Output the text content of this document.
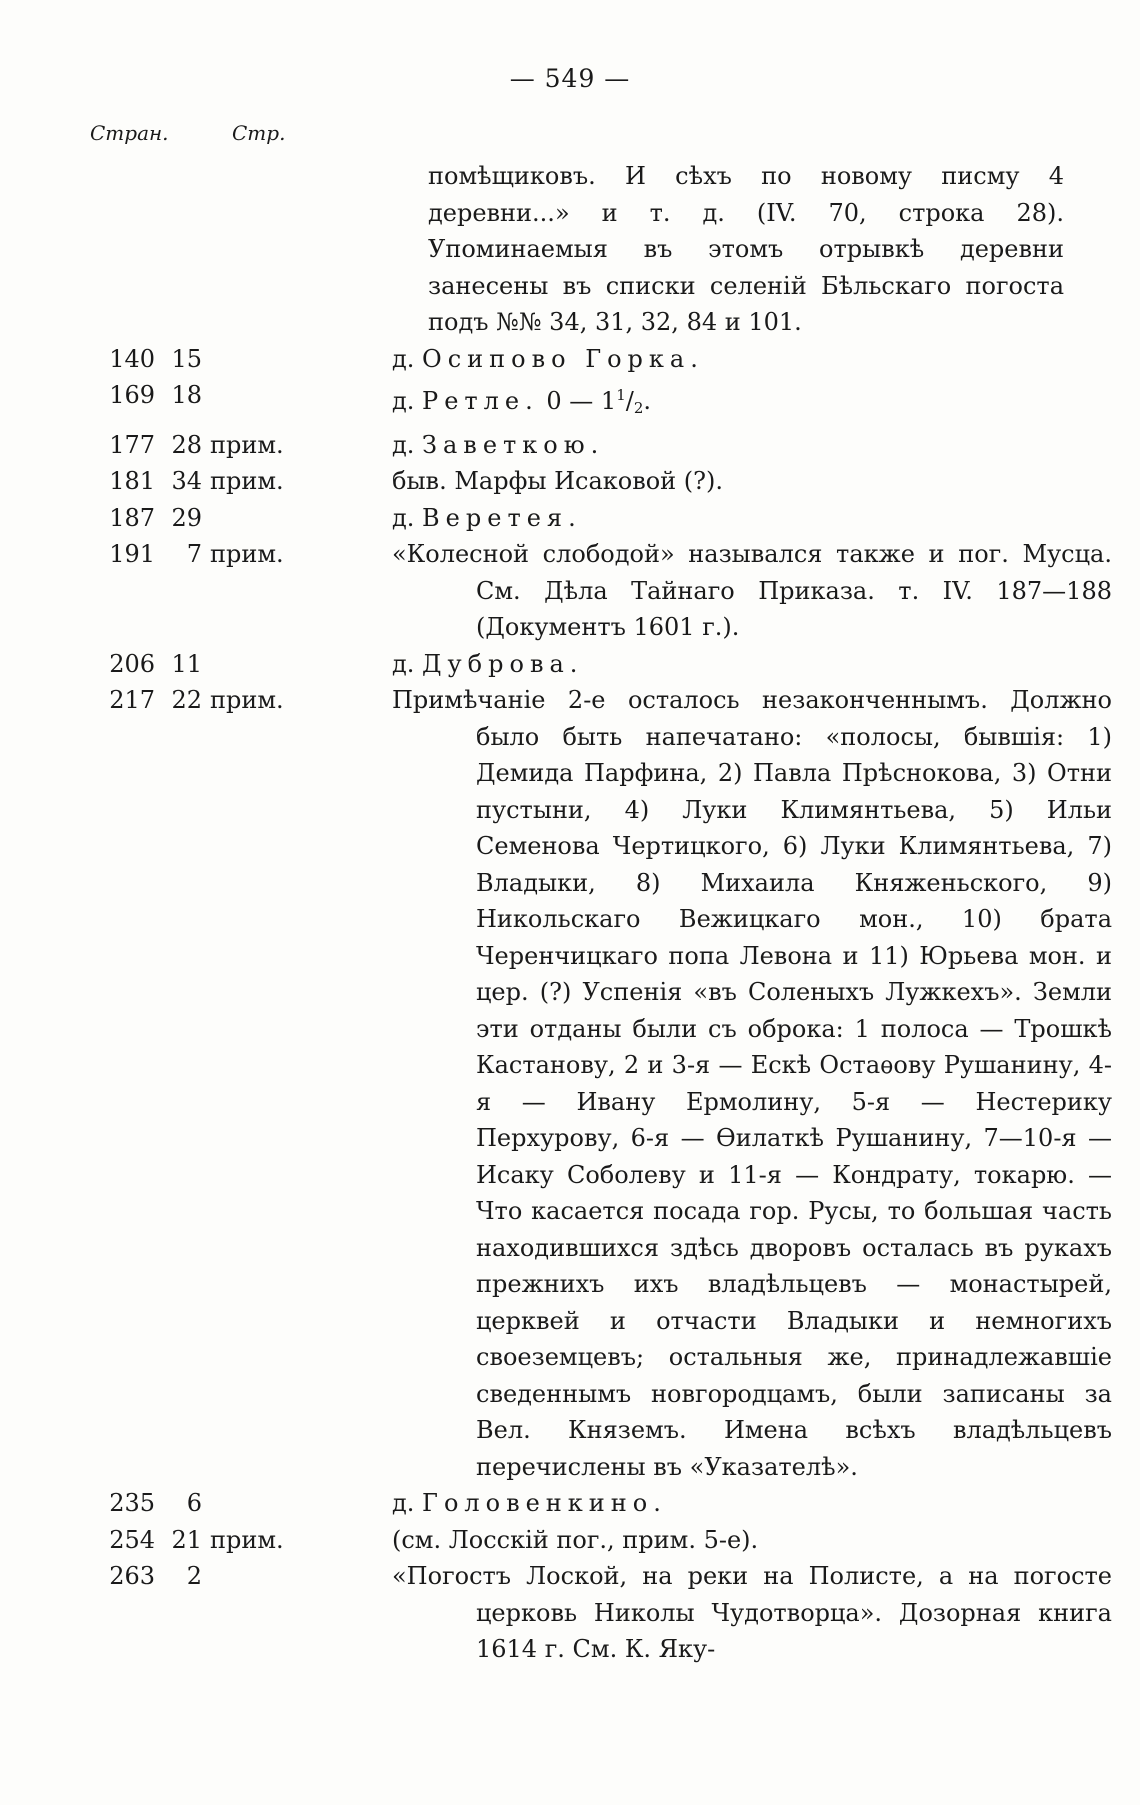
— 549 —
Стран.	Стр.
помѣщиковъ. И сѣхъ по новому писму 4 деревни...» и т. д. (IV. 70, строка 28). Упоминаемыя въ этомъ отрывкѣ деревни занесены въ списки селеній Бѣльскаго погоста подъ №№ 34, 31, 32, 84 и 101.
140 15	д. Осипово Горка.
169 18	д. Ретле. 0 — $1^1/2$.
177 28 прим.	д. Заветкою.
181 34 прим.	быв. Марфы Исаковой (?).
187 29	д. Веретея.
191	7 прим.	«Колесной слободой» назывался также и пог. Мусца. См. Дѣла Тайнаго Приказа. т. IV. 187—188 (Документъ 1601 г.).
206 11	д. Дуброва.
217 22 прим.	Примѣчаніе 2-е осталось незаконченнымъ. Должно было быть напечатано: «полосы, бывшія: 1) Демида Парфина, 2) Павла Прѣснокова, 3) Отни пустыни, 4) Луки Климянтьева, 5) Ильи Семенова Чертицкого, 6) Луки Климянтьева, 7) Владыки, 8) Михаила Княженьского, 9) Никольскаго Вежицкаго мон., 10) брата Черенчицкаго попа Левона и 11) Юрьева мон. и цер. (?) Успенія «въ Соленыхъ Лужкехъ». Земли эти отданы были съ оброка: 1 полоса — Трошкѣ Кастанову, 2 и 3-я — Ескѣ Остаѳову Рушанину, 4-я — Ивану Ермолину, 5-я — Нестерику Перхурову, 6-я — Ѳилаткѣ Рушанину, 7—10-я — Исаку Соболеву и 11-я — Кондрату, токарю. — Что касается посада гор. Русы, то большая часть находившихся здѣсь дворовъ осталась въ рукахъ прежнихъ ихъ владѣльцевъ — монастырей, церквей и отчасти Владыки и немногихъ своеземцевъ; остальныя же, принадлежавшіе сведеннымъ новгородцамъ, были записаны за Вел. Княземъ. Имена всѣхъ владѣльцевъ перечислены въ «Указателѣ».
235	6	д. Головенкино.
254 21 прим.	(см. Лосскій пог., прим. 5-е).
263	2	«Погостъ Лоской, на реки на Полисте, а на погосте церковь Николы Чудотворца». Дозорная книга 1614 г. См. К. Яку-
